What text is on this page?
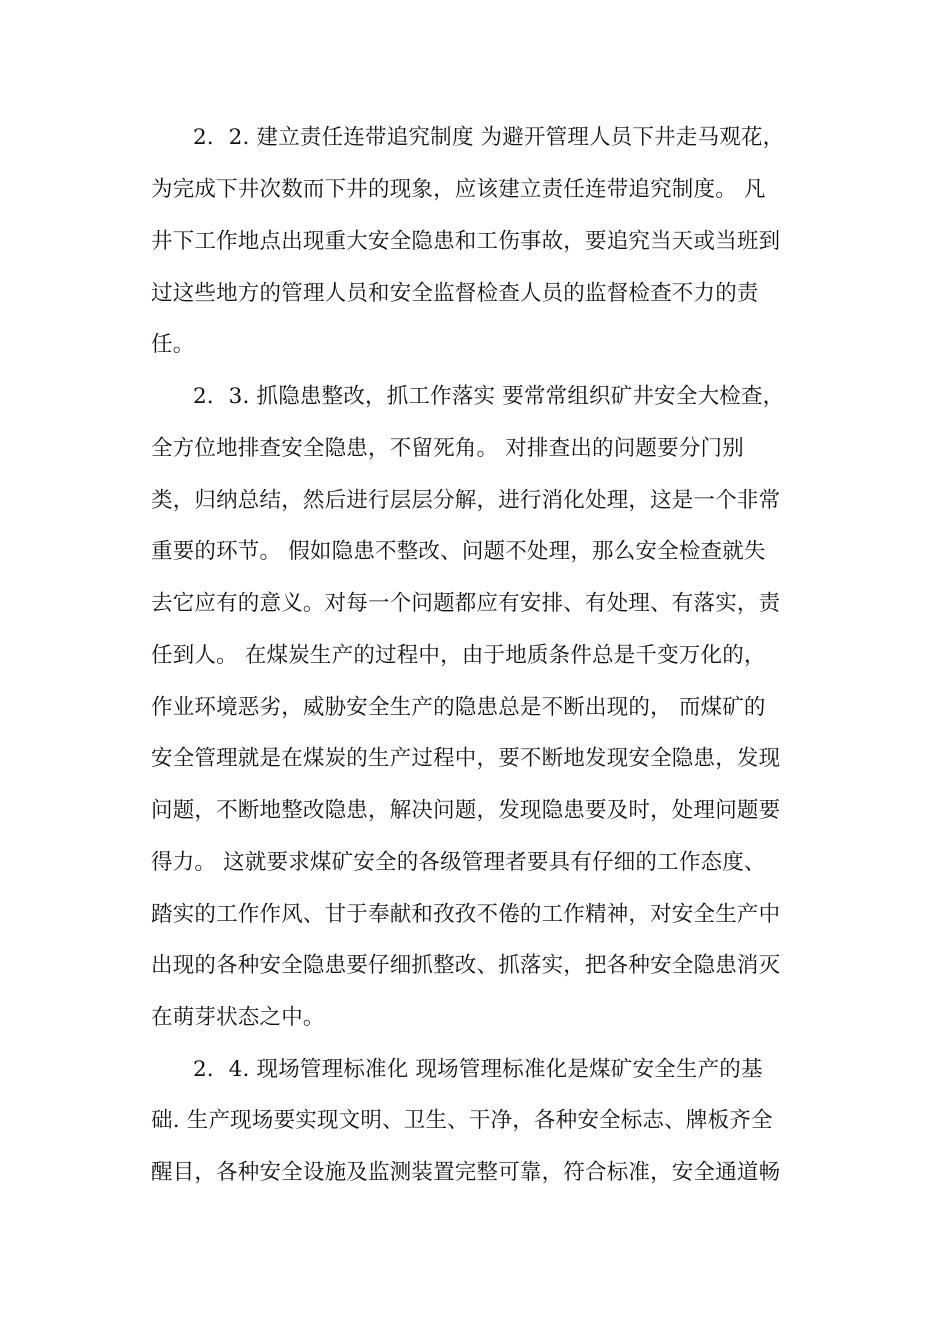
2．2. 建立责任连带追究制度 为避开管理人员下井走马观花，
为完成下井次数而下井的现象，应该建立责任连带追究制度。 凡
井下工作地点出现重大安全隐患和工伤事故，要追究当天或当班到
过这些地方的管理人员和安全监督检查人员的监督检查不力的责
任。
2．3. 抓隐患整改，抓工作落实 要常常组织矿井安全大检查，
全方位地排查安全隐患，不留死角。 对排查出的问题要分门别
类，归纳总结，然后进行层层分解，进行消化处理，这是一个非常
重要的环节。 假如隐患不整改、问题不处理，那么安全检查就失
去它应有的意义。对每一个问题都应有安排、有处理、有落实，责
任到人。 在煤炭生产的过程中，由于地质条件总是千变万化的，
作业环境恶劣，威胁安全生产的隐患总是不断出现的， 而煤矿的
安全管理就是在煤炭的生产过程中，要不断地发现安全隐患，发现
问题，不断地整改隐患，解决问题，发现隐患要及时，处理问题要
得力。 这就要求煤矿安全的各级管理者要具有仔细的工作态度、
踏实的工作作风、甘于奉献和孜孜不倦的工作精神，对安全生产中
出现的各种安全隐患要仔细抓整改、抓落实，把各种安全隐患消灭
在萌芽状态之中。
2．4. 现场管理标准化 现场管理标准化是煤矿安全生产的基
础. 生产现场要实现文明、卫生、干净，各种安全标志、牌板齐全
醒目，各种安全设施及监测装置完整可靠，符合标准，安全通道畅
